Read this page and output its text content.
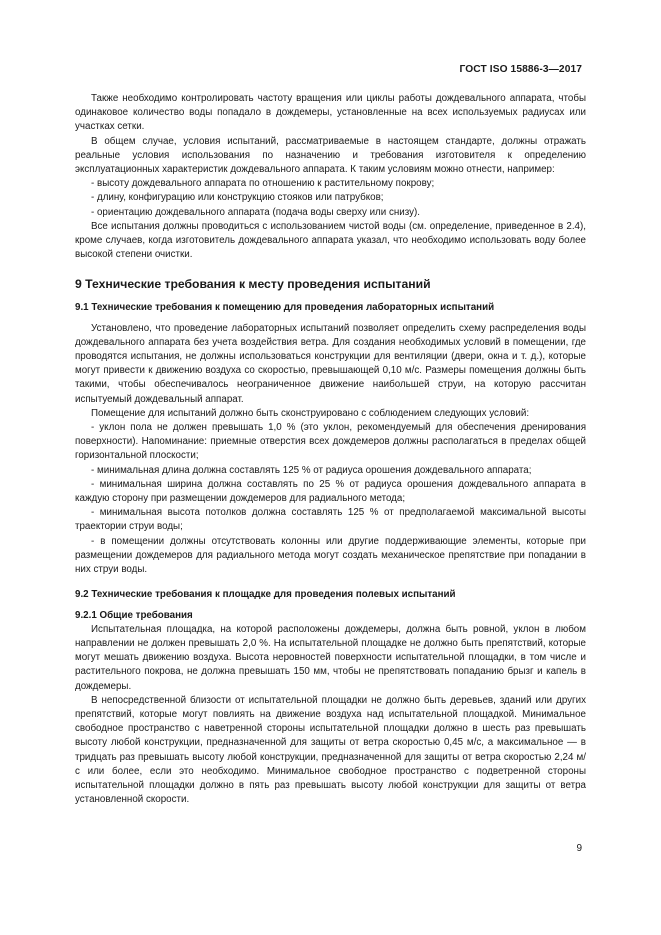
ГОСТ ISO 15886-3—2017

Также необходимо контролировать частоту вращения или циклы работы дождевального аппарата, чтобы одинаковое количество воды попадало в дождемеры, установленные на всех используемых радиусах или участках сетки.

В общем случае, условия испытаний, рассматриваемые в настоящем стандарте, должны отражать реальные условия использования по назначению и требования изготовителя к определению эксплуатационных характеристик дождевального аппарата. К таким условиям можно отнести, например:

- высоту дождевального аппарата по отношению к растительному покрову;

- длину, конфигурацию или конструкцию стояков или патрубков;

- ориентацию дождевального аппарата (подача воды сверху или снизу).

Все испытания должны проводиться с использованием чистой воды (см. определение, приведенное в 2.4), кроме случаев, когда изготовитель дождевального аппарата указал, что необходимо использовать воду более высокой степени очистки.

9 Технические требования к месту проведения испытаний
9.1 Технические требования к помещению для проведения лабораторных испытаний

Установлено, что проведение лабораторных испытаний позволяет определить схему распределения воды дождевального аппарата без учета воздействия ветра. Для создания необходимых условий в помещении, где проводятся испытания, не должны использоваться конструкции для вентиляции (двери, окна и т. д.), которые могут привести к движению воздуха со скоростью, превышающей 0,10 м/с. Размеры помещения должны быть такими, чтобы обеспечивалось неограниченное движение наибольшей струи, на которую рассчитан испытуемый дождевальный аппарат.

Помещение для испытаний должно быть сконструировано с соблюдением следующих условий:

- уклон пола не должен превышать 1,0 % (это уклон, рекомендуемый для обеспечения дренирования поверхности). Напоминание: приемные отверстия всех дождемеров должны располагаться в пределах общей горизонтальной плоскости;

- минимальная длина должна составлять 125 % от радиуса орошения дождевального аппарата;

- минимальная ширина должна составлять по 25 % от радиуса орошения дождевального аппарата в каждую сторону при размещении дождемеров для радиального метода;

- минимальная высота потолков должна составлять 125 % от предполагаемой максимальной высоты траектории струи воды;

- в помещении должны отсутствовать колонны или другие поддерживающие элементы, которые при размещении дождемеров для радиального метода могут создать механическое препятствие при попадании в них струи воды.

9.2 Технические требования к площадке для проведения полевых испытаний
9.2.1 Общие требования

Испытательная площадка, на которой расположены дождемеры, должна быть ровной, уклон в любом направлении не должен превышать 2,0 %. На испытательной площадке не должно быть препятствий, которые могут мешать движению воздуха. Высота неровностей поверхности испытательной площадки, в том числе и растительного покрова, не должна превышать 150 мм, чтобы не препятствовать попаданию брызг и капель в дождемеры.

В непосредственной близости от испытательной площадки не должно быть деревьев, зданий или других препятствий, которые могут повлиять на движение воздуха над испытательной площадкой. Минимальное свободное пространство с наветренной стороны испытательной площадки должно в шесть раз превышать высоту любой конструкции, предназначенной для защиты от ветра скоростью 0,45 м/с, а максимальное — в тридцать раз превышать высоту любой конструкции, предназначенной для защиты от ветра скоростью 2,24 м/с или более, если это необходимо. Минимальное свободное пространство с подветренной стороны испытательной площадки должно в пять раз превышать высоту любой конструкции для защиты от ветра установленной скорости.

9
